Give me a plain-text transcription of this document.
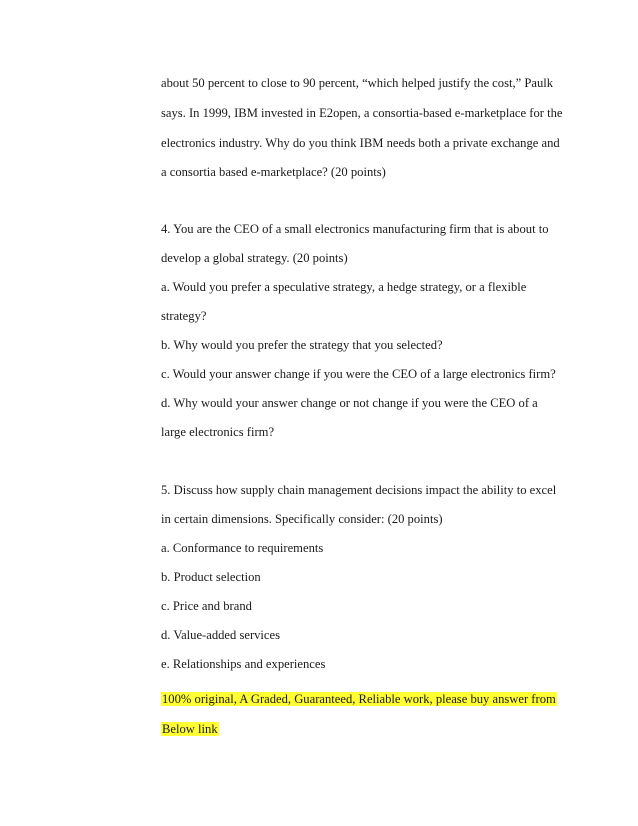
about 50 percent to close to 90 percent, “which helped justify the cost,” Paulk
says. In 1999, IBM invested in E2open, a consortia-based e-marketplace for the
electronics industry. Why do you think IBM needs both a private exchange and
a consortia based e-marketplace? (20 points)
4. You are the CEO of a small electronics manufacturing firm that is about to
develop a global strategy. (20 points)
a. Would you prefer a speculative strategy, a hedge strategy, or a flexible
strategy?
b. Why would you prefer the strategy that you selected?
c. Would your answer change if you were the CEO of a large electronics firm?
d. Why would your answer change or not change if you were the CEO of a
large electronics firm?
5. Discuss how supply chain management decisions impact the ability to excel
in certain dimensions. Specifically consider: (20 points)
a. Conformance to requirements
b. Product selection
c. Price and brand
d. Value-added services
e. Relationships and experiences
100% original, A Graded, Guaranteed, Reliable work, please buy answer from
Below link
